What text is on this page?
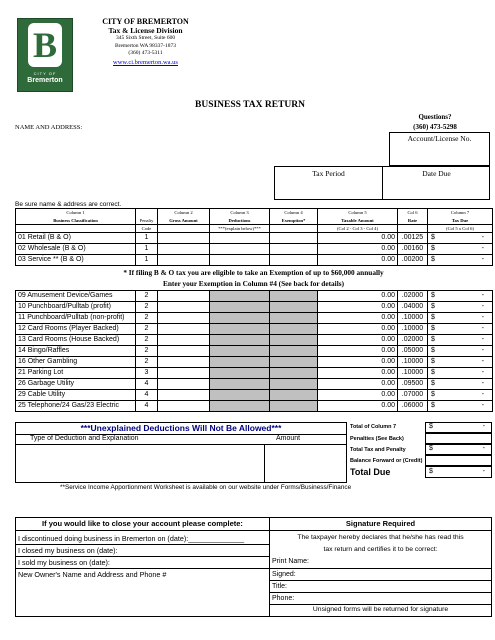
B
CITY OF
Bremerton
CITY OF BREMERTON
Tax & License Division
345 Sixth Street, Suite 600
Bremerton WA 98337-1873
(360) 473-5311
www.ci.bremerton.wa.us
BUSINESS TAX RETURN
Questions?
(360) 473-5298
NAME AND ADDRESS:
Account/License No.
Tax Period	Date Due
Be sure name & address are correct.
Column 1		Column 2	Column 3	Column 4	Column 5	Col 6	Column 7
Business Classification	Penalty	Gross Amount	Deductions	Exemption*	Taxable Amount	Rate	Tax Due
	Code		***(explain below)***		(Col 2 - Col 3 - Col 4)		(Col 5 x Col 6)
01 Retail (B & O)	1				0.00	.00125	$ -

02 Wholesale (B & O)	1				0.00	.00160	$ -

03 Service ** (B & O)	1				0.00	.00200	$ -
* If filing B & O tax you are eligible to take an Exemption of up to $60,000 annually
Enter your Exemption in Column #4 (See back for details)
09 Amusement Device/Games	2				0.00	.02000	$ -

10 Punchboard/Pulltab (profit)	2				0.00	.04000	$ -

11 Punchboard/Pulltab (non-profit)	2				0.00	.10000	$ -

12 Card Rooms (Player Backed)	2				0.00	.10000	$ -

13 Card Rooms (House Backed)	2				0.00	.02000	$ -

14 Bingo/Raffles	2				0.00	.05000	$ -

16 Other Gambling	2				0.00	.10000	$ -

21 Parking Lot	3				0.00	.10000	$ -

26 Garbage Utility	4				0.00	.09500	$ -

29 Cable Utility	4				0.00	.07000	$ -

25 Telephone/24 Gas/23 Electric	4				0.00	.06000	$ -
***Unexplained Deductions Will Not Be Allowed***
Type of Deduction and Explanation	Amount
Total of Column 7	$	-
Penalties (See Back)
Total Tax and Penalty	$	-
Balance Forward or (Credit)
Total Due	$	-
**Service Income Apportionment Worksheet is available on our website under Forms/Business/Finance
If you would like to close your account please complete:
I discontinued doing business in Bremerton on (date):______________
I closed my business on (date):
I sold my business on (date):
New Owner's Name and Address and Phone #
Signature Required
The taxpayer hereby declares that he/she has read this
tax return and certifies it to be correct:
Print Name:
Signed:
Title:
Phone:
Unsigned forms will be returned for signature
